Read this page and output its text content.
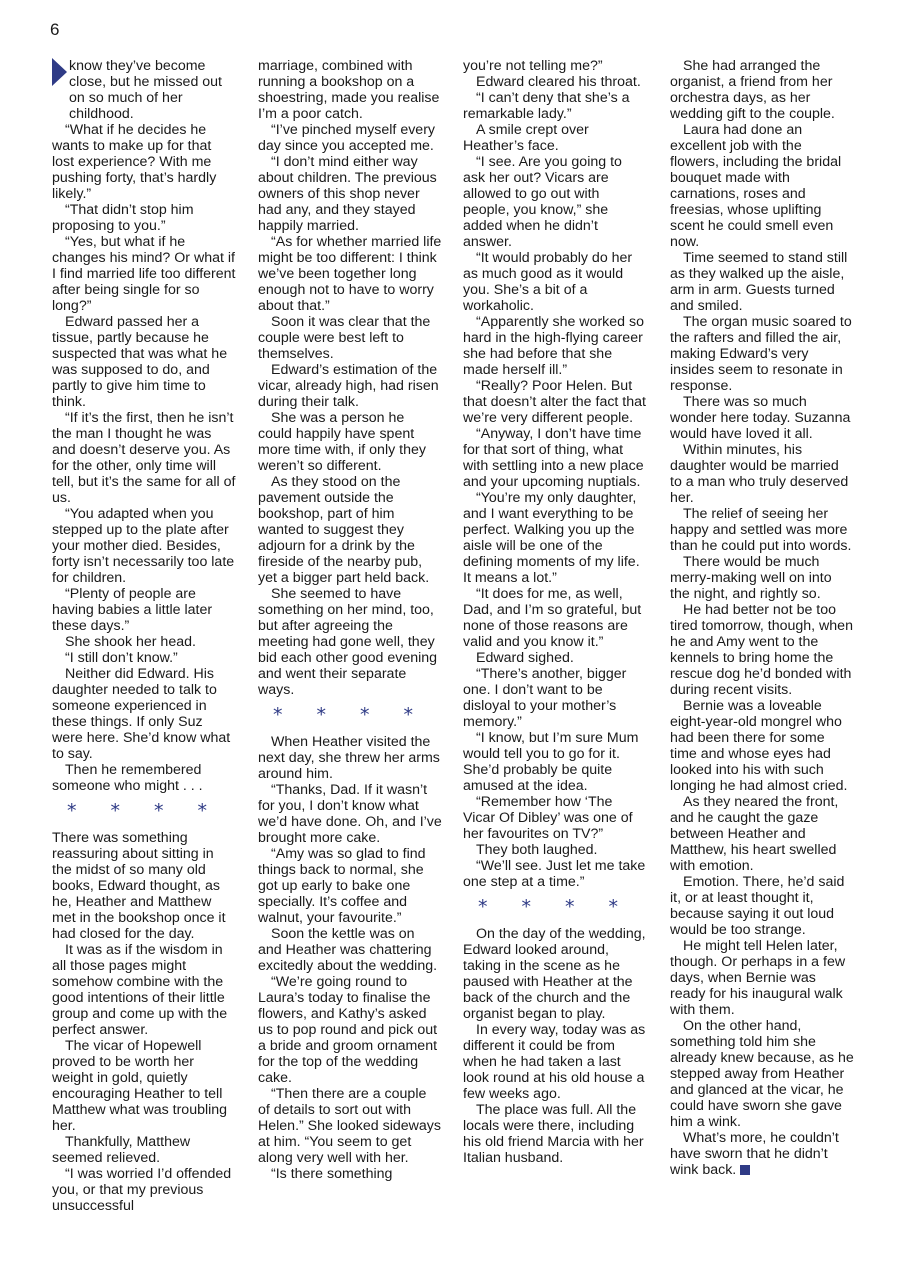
6

know they’ve become close, but he missed out on so much of her childhood.

“What if he decides he wants to make up for that lost experience? With me pushing forty, that’s hardly likely.”

“That didn’t stop him proposing to you.”

“Yes, but what if he changes his mind? Or what if I find married life too different after being single for so long?”

Edward passed her a tissue, partly because he suspected that was what he was supposed to do, and partly to give him time to think.

“If it’s the first, then he isn’t the man I thought he was and doesn’t deserve you. As for the other, only time will tell, but it’s the same for all of us.

“You adapted when you stepped up to the plate after your mother died. Besides, forty isn’t necessarily too late for children.

“Plenty of people are having babies a little later these days.”

She shook her head.

“I still don’t know.”

Neither did Edward. His daughter needed to talk to someone experienced in these things. If only Suz were here. She’d know what to say.

Then he remembered someone who might . . .

* * * *

There was something reassuring about sitting in the midst of so many old books, Edward thought, as he, Heather and Matthew met in the bookshop once it had closed for the day.

It was as if the wisdom in all those pages might somehow combine with the good intentions of their little group and come up with the perfect answer.

The vicar of Hopewell proved to be worth her weight in gold, quietly encouraging Heather to tell Matthew what was troubling her.

Thankfully, Matthew seemed relieved.

“I was worried I’d offended you, or that my previous unsuccessful

marriage, combined with running a bookshop on a shoestring, made you realise I’m a poor catch.

“I’ve pinched myself every day since you accepted me.

“I don’t mind either way about children. The previous owners of this shop never had any, and they stayed happily married.

“As for whether married life might be too different: I think we’ve been together long enough not to have to worry about that.”

Soon it was clear that the couple were best left to themselves.

Edward’s estimation of the vicar, already high, had risen during their talk.

She was a person he could happily have spent more time with, if only they weren’t so different.

As they stood on the pavement outside the bookshop, part of him wanted to suggest they adjourn for a drink by the fireside of the nearby pub, yet a bigger part held back.

She seemed to have something on her mind, too, but after agreeing the meeting had gone well, they bid each other good evening and went their separate ways.

* * * *

When Heather visited the next day, she threw her arms around him.

“Thanks, Dad. If it wasn’t for you, I don’t know what we’d have done. Oh, and I’ve brought more cake.

“Amy was so glad to find things back to normal, she got up early to bake one specially. It’s coffee and walnut, your favourite.”

Soon the kettle was on and Heather was chattering excitedly about the wedding.

“We’re going round to Laura’s today to finalise the flowers, and Kathy’s asked us to pop round and pick out a bride and groom ornament for the top of the wedding cake.

“Then there are a couple of details to sort out with Helen.” She looked sideways at him. “You seem to get along very well with her.

“Is there something

you’re not telling me?”

Edward cleared his throat.

“I can’t deny that she’s a remarkable lady.”

A smile crept over Heather’s face.

“I see. Are you going to ask her out? Vicars are allowed to go out with people, you know,” she added when he didn’t answer.

“It would probably do her as much good as it would you. She’s a bit of a workaholic.

“Apparently she worked so hard in the high-flying career she had before that she made herself ill.”

“Really? Poor Helen. But that doesn’t alter the fact that we’re very different people.

“Anyway, I don’t have time for that sort of thing, what with settling into a new place and your upcoming nuptials.

“You’re my only daughter, and I want everything to be perfect. Walking you up the aisle will be one of the defining moments of my life. It means a lot.”

“It does for me, as well, Dad, and I’m so grateful, but none of those reasons are valid and you know it.”

Edward sighed.

“There’s another, bigger one. I don’t want to be disloyal to your mother’s memory.”

“I know, but I’m sure Mum would tell you to go for it. She’d probably be quite amused at the idea.

“Remember how ‘The Vicar Of Dibley’ was one of her favourites on TV?”

They both laughed.

“We’ll see. Just let me take one step at a time.”

* * * *

On the day of the wedding, Edward looked around, taking in the scene as he paused with Heather at the back of the church and the organist began to play.

In every way, today was as different it could be from when he had taken a last look round at his old house a few weeks ago.

The place was full. All the locals were there, including his old friend Marcia with her Italian husband.

She had arranged the organist, a friend from her orchestra days, as her wedding gift to the couple.

Laura had done an excellent job with the flowers, including the bridal bouquet made with carnations, roses and freesias, whose uplifting scent he could smell even now.

Time seemed to stand still as they walked up the aisle, arm in arm. Guests turned and smiled.

The organ music soared to the rafters and filled the air, making Edward’s very insides seem to resonate in response.

There was so much wonder here today. Suzanna would have loved it all.

Within minutes, his daughter would be married to a man who truly deserved her.

The relief of seeing her happy and settled was more than he could put into words.

There would be much merry-making well on into the night, and rightly so.

He had better not be too tired tomorrow, though, when he and Amy went to the kennels to bring home the rescue dog he’d bonded with during recent visits.

Bernie was a loveable eight-year-old mongrel who had been there for some time and whose eyes had looked into his with such longing he had almost cried.

As they neared the front, and he caught the gaze between Heather and Matthew, his heart swelled with emotion.

Emotion. There, he’d said it, or at least thought it, because saying it out loud would be too strange.

He might tell Helen later, though. Or perhaps in a few days, when Bernie was ready for his inaugural walk with them.

On the other hand, something told him she already knew because, as he stepped away from Heather and glanced at the vicar, he could have sworn she gave him a wink.

What’s more, he couldn’t have sworn that he didn’t wink back.
